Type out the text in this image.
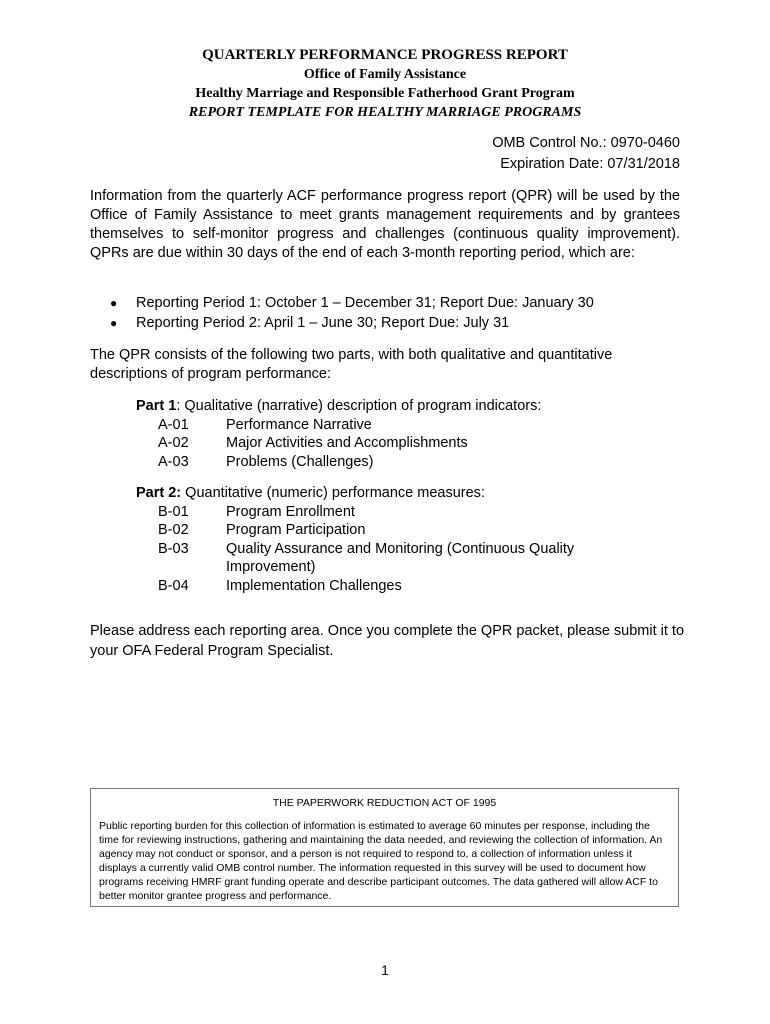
QUARTERLY PERFORMANCE PROGRESS REPORT
Office of Family Assistance
Healthy Marriage and Responsible Fatherhood Grant Program
REPORT TEMPLATE FOR HEALTHY MARRIAGE PROGRAMS
OMB Control No.: 0970-0460
Expiration Date: 07/31/2018
Information from the quarterly ACF performance progress report (QPR) will be used by the Office of Family Assistance to meet grants management requirements and by grantees themselves to self-monitor progress and challenges (continuous quality improvement). QPRs are due within 30 days of the end of each 3-month reporting period, which are:
●	Reporting Period 1: October 1 – December 31; Report Due: January 30
●	Reporting Period 2: April 1 – June 30; Report Due: July 31
The QPR consists of the following two parts, with both qualitative and quantitative descriptions of program performance:
Part 1: Qualitative (narrative) description of program indicators:
A-01	Performance Narrative
A-02	Major Activities and Accomplishments
A-03	Problems (Challenges)
Part 2: Quantitative (numeric) performance measures:
B-01	Program Enrollment
B-02	Program Participation
B-03	Quality Assurance and Monitoring (Continuous Quality Improvement)
B-04	Implementation Challenges
Please address each reporting area. Once you complete the QPR packet, please submit it to your OFA Federal Program Specialist.
THE PAPERWORK REDUCTION ACT OF 1995
Public reporting burden for this collection of information is estimated to average 60 minutes per response, including the time for reviewing instructions, gathering and maintaining the data needed, and reviewing the collection of information. An agency may not conduct or sponsor, and a person is not required to respond to, a collection of information unless it displays a currently valid OMB control number. The information requested in this survey will be used to document how programs receiving HMRF grant funding operate and describe participant outcomes. The data gathered will allow ACF to better monitor grantee progress and performance.
1
